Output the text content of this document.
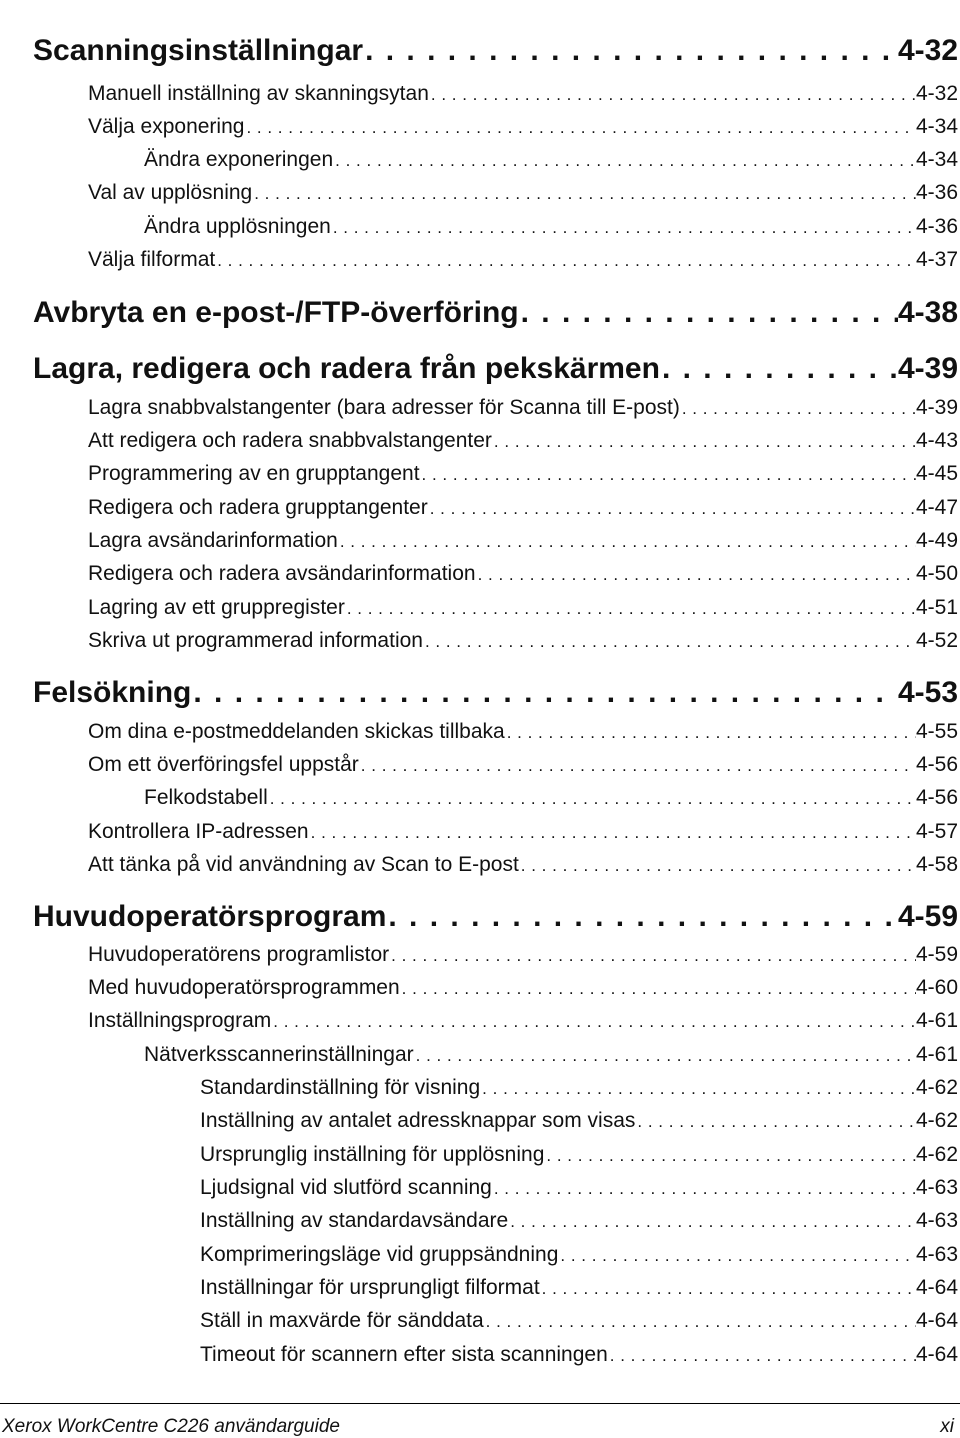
Scanningsinställningar . . .	4-32
Manuell inställning av skanningsytan . . .	4-32
Välja exponering . . .	4-34
Ändra exponeringen . . .	4-34
Val av upplösning . . .	4-36
Ändra upplösningen . . .	4-36
Välja filformat . . .	4-37
Avbryta en e-post-/FTP-överföring . . .	4-38
Lagra, redigera och radera från pekskärmen . . .	4-39
Lagra snabbvalstangenter (bara adresser för Scanna till E-post) . . .	4-39
Att redigera och radera snabbvalstangenter . . .	4-43
Programmering av en grupptangent . . .	4-45
Redigera och radera grupptangenter . . .	4-47
Lagra avsändarinformation . . .	4-49
Redigera och radera avsändarinformation . . .	4-50
Lagring av ett gruppregister . . .	4-51
Skriva ut programmerad information . . .	4-52
Felsökning . . .	4-53
Om dina e-postmeddelanden skickas tillbaka . . .	4-55
Om ett överföringsfel uppstår . . .	4-56
Felkodstabell . . .	4-56
Kontrollera IP-adressen . . .	4-57
Att tänka på vid användning av Scan to E-post . . .	4-58
Huvudoperatörsprogram . . .	4-59
Huvudoperatörens programlistor . . .	4-59
Med huvudoperatörsprogrammen . . .	4-60
Inställningsprogram . . .	4-61
Nätverksscannerinställningar . . .	4-61
Standardinställning för visning . . .	4-62
Inställning av antalet adressknappar som visas . . .	4-62
Ursprunglig inställning för upplösning . . .	4-62
Ljudsignal vid slutförd scanning . . .	4-63
Inställning av standardavsändare . . .	4-63
Komprimeringsläge vid gruppsändning . . .	4-63
Inställningar för ursprungligt filformat . . .	4-64
Ställ in maxvärde för sänddata . . .	4-64
Timeout för scannern efter sista scanningen . . .	4-64
Xerox WorkCentre C226 användarguide	xi
